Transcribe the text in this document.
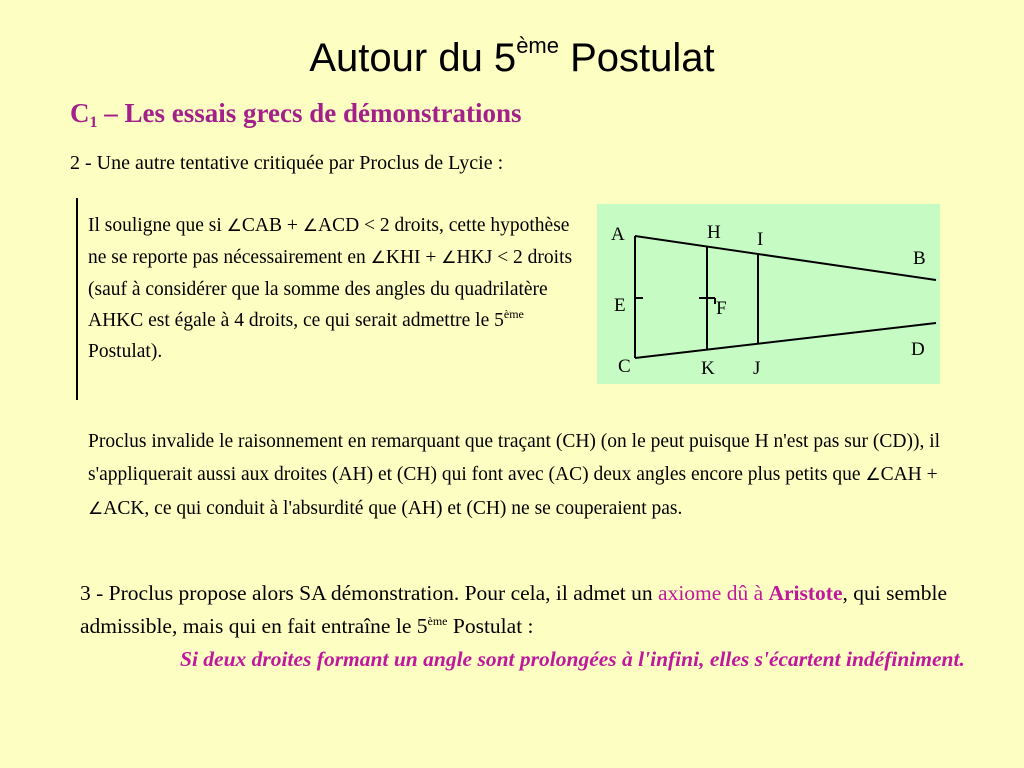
Autour du 5ème Postulat
$C_1$ – Les essais grecs de démonstrations
2 - Une autre tentative critiquée par Proclus de Lycie :
Il souligne que si ∠CAB + ∠ACD < 2 droits, cette hypothèse ne se reporte pas nécessairement en ∠KHI + ∠HKJ < 2 droits (sauf à considérer que la somme des angles du quadrilatère AHKC est égale à 4 droits, ce qui serait admettre le 5ème Postulat).
A	H I
B
E	F
D
C	K J
Proclus invalide le raisonnement en remarquant que traçant (CH) (on le peut puisque H n'est pas sur (CD)), il s'appliquerait aussi aux droites (AH) et (CH) qui font avec (AC) deux angles encore plus petits que ∠CAH + ∠ACK, ce qui conduit à l'absurdité que (AH) et (CH) ne se couperaient pas.
3 - Proclus propose alors SA démonstration. Pour cela, il admet un axiome dû à Aristote, qui semble admissible, mais qui en fait entraîne le 5ème Postulat :
Si deux droites formant un angle sont prolongées à l'infini, elles s'écartent indéfiniment.
